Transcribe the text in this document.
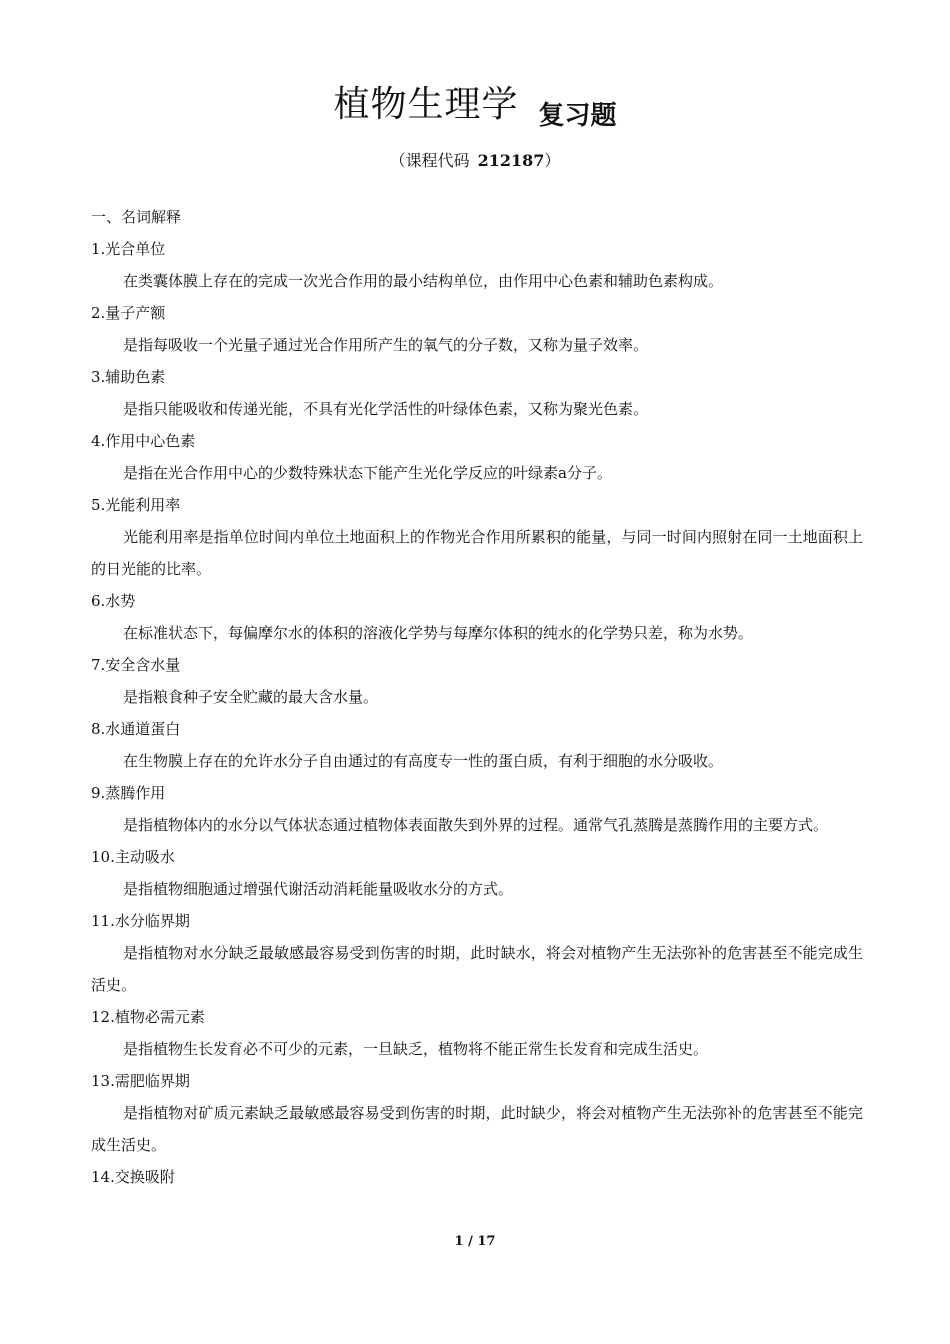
植物生理学 复习题
（课程代码 212187）

一、名词解释

1.光合单位

在类囊体膜上存在的完成一次光合作用的最小结构单位，由作用中心色素和辅助色素构成。

2.量子产额

是指每吸收一个光量子通过光合作用所产生的氧气的分子数，又称为量子效率。

3.辅助色素

是指只能吸收和传递光能，不具有光化学活性的叶绿体色素，又称为聚光色素。

4.作用中心色素

是指在光合作用中心的少数特殊状态下能产生光化学反应的叶绿素a分子。

5.光能利用率

光能利用率是指单位时间内单位土地面积上的作物光合作用所累积的能量，与同一时间内照射在同一土地面积上的日光能的比率。

6.水势

在标准状态下，每偏摩尔水的体积的溶液化学势与每摩尔体积的纯水的化学势只差，称为水势。

7.安全含水量

是指粮食种子安全贮藏的最大含水量。

8.水通道蛋白

在生物膜上存在的允许水分子自由通过的有高度专一性的蛋白质，有利于细胞的水分吸收。

9.蒸腾作用

是指植物体内的水分以气体状态通过植物体表面散失到外界的过程。通常气孔蒸腾是蒸腾作用的主要方式。

10.主动吸水

是指植物细胞通过增强代谢活动消耗能量吸收水分的方式。

11.水分临界期

是指植物对水分缺乏最敏感最容易受到伤害的时期，此时缺水，将会对植物产生无法弥补的危害甚至不能完成生活史。

12.植物必需元素

是指植物生长发育必不可少的元素，一旦缺乏，植物将不能正常生长发育和完成生活史。

13.需肥临界期

是指植物对矿质元素缺乏最敏感最容易受到伤害的时期，此时缺少，将会对植物产生无法弥补的危害甚至不能完成生活史。

14.交换吸附

1 / 17
